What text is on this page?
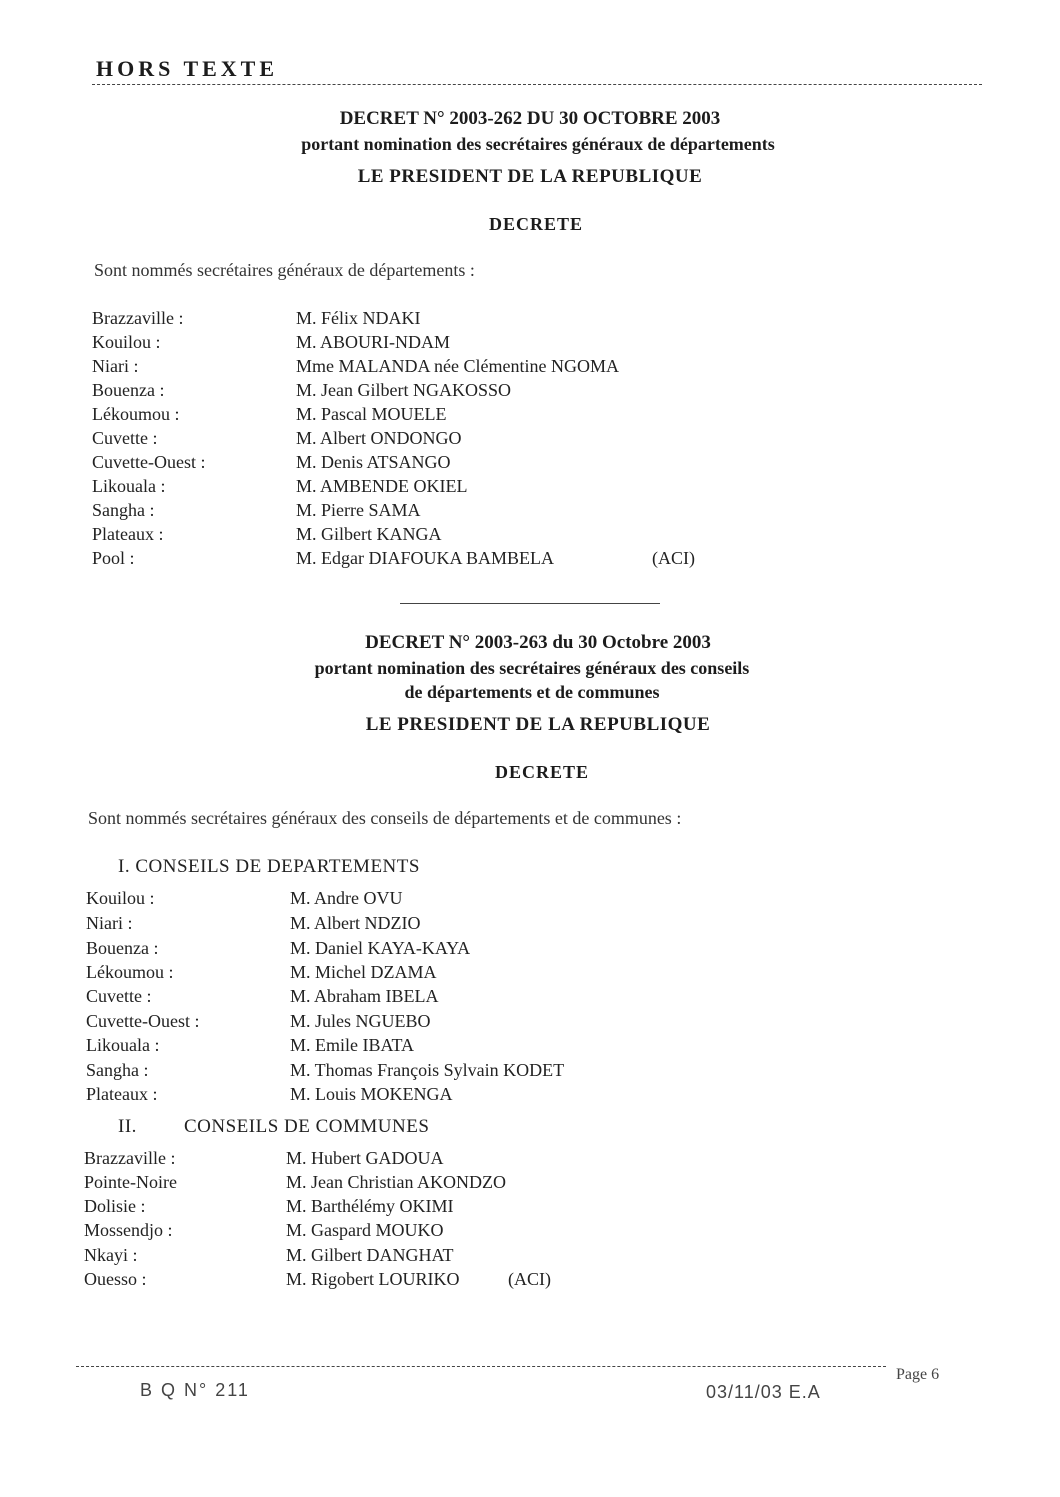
HORS TEXTE
DECRET N° 2003-262 DU 30 OCTOBRE 2003
portant nomination des secrétaires généraux de départements
LE PRESIDENT DE LA REPUBLIQUE
DECRETE
Sont nommés secrétaires généraux de départements :
Brazzaville :	M. Félix NDAKI
Kouilou :	M. ABOURI-NDAM
Niari :	Mme MALANDA née Clémentine NGOMA
Bouenza :	M. Jean Gilbert NGAKOSSO
Lékoumou :	M. Pascal MOUELE
Cuvette :	M. Albert ONDONGO
Cuvette-Ouest :	M. Denis ATSANGO
Likouala :	M. AMBENDE OKIEL
Sangha :	M. Pierre SAMA
Plateaux :	M. Gilbert KANGA
Pool :	M. Edgar DIAFOUKA BAMBELA	(ACI)
DECRET N° 2003-263 du 30 Octobre 2003
portant nomination des secrétaires généraux des conseils
de départements et de communes
LE PRESIDENT DE LA REPUBLIQUE
DECRETE
Sont nommés secrétaires généraux des conseils de départements et de communes :
I. CONSEILS DE DEPARTEMENTS
Kouilou :	M. Andre OVU
Niari :	M. Albert NDZIO
Bouenza :	M. Daniel KAYA-KAYA
Lékoumou :	M. Michel DZAMA
Cuvette :	M. Abraham IBELA
Cuvette-Ouest :	M. Jules NGUEBO
Likouala :	M. Emile IBATA
Sangha :	M. Thomas François Sylvain KODET
Plateaux :	M. Louis MOKENGA
II. CONSEILS DE COMMUNES
Brazzaville :	M. Hubert GADOUA
Pointe-Noire	M. Jean Christian AKONDZO
Dolisie :	M. Barthélémy OKIMI
Mossendjo :	M. Gaspard MOUKO
Nkayi :	M. Gilbert DANGHAT
Ouesso :	M. Rigobert LOURIKO	(ACI)
Page 6
B Q N° 211	03/11/03 E.A
